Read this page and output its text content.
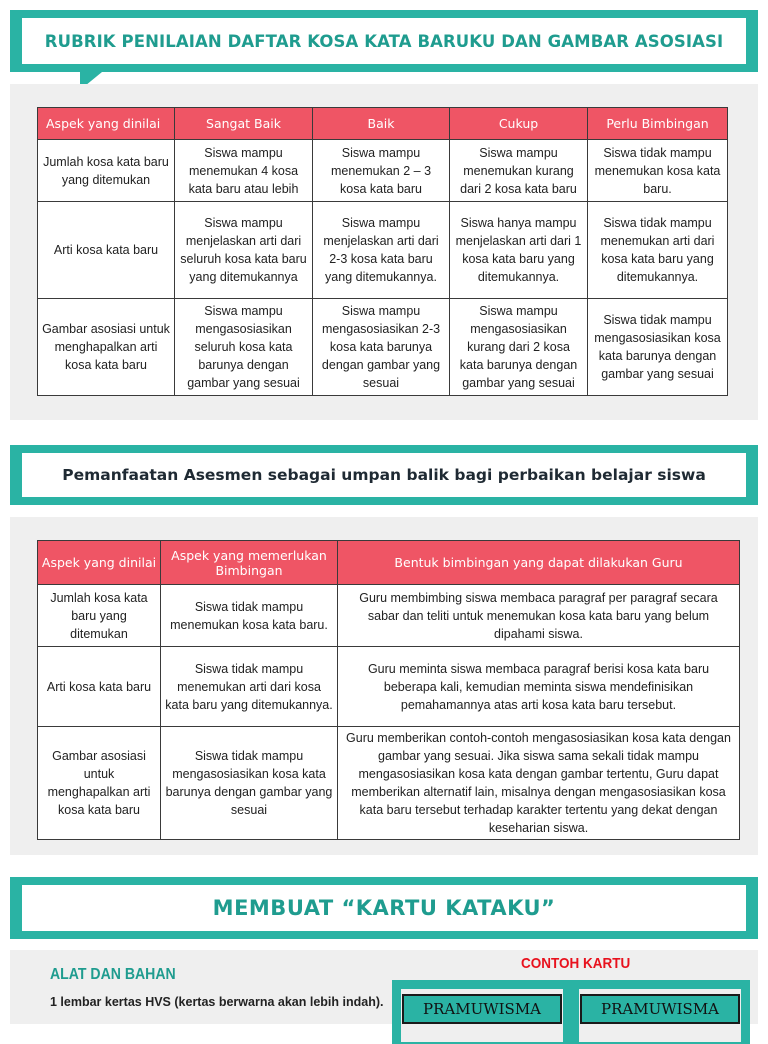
RUBRIK PENILAIAN DAFTAR KOSA KATA BARUKU DAN GAMBAR ASOSIASI
Aspek yang dinilai	Sangat Baik	Baik	Cukup	Perlu Bimbingan
Jumlah kosa kata baru yang ditemukan	Siswa mampu menemukan 4 kosa kata baru atau lebih	Siswa mampu menemukan 2 – 3 kosa kata baru	Siswa mampu menemukan kurang dari 2 kosa kata baru	Siswa tidak mampu menemukan kosa kata baru.
Arti kosa kata baru	Siswa mampu menjelaskan arti dari seluruh kosa kata baru yang ditemukannya	Siswa mampu menjelaskan arti dari 2-3 kosa kata baru yang ditemukannya.	Siswa hanya mampu menjelaskan arti dari 1 kosa kata baru yang ditemukannya.	Siswa tidak mampu menemukan arti dari kosa kata baru yang ditemukannya.
Gambar asosiasi untuk menghapalkan arti kosa kata baru	Siswa mampu mengasosiasikan seluruh kosa kata barunya dengan gambar yang sesuai	Siswa mampu mengasosiasikan 2-3 kosa kata barunya dengan gambar yang sesuai	Siswa mampu mengasosiasikan kurang dari 2 kosa kata barunya dengan gambar yang sesuai	Siswa tidak mampu mengasosiasikan kosa kata barunya dengan gambar yang sesuai
Pemanfaatan Asesmen sebagai umpan balik bagi perbaikan belajar siswa
Aspek yang dinilai	Aspek yang memerlukan Bimbingan	Bentuk bimbingan yang dapat dilakukan Guru
Jumlah kosa kata baru yang ditemukan	Siswa tidak mampu menemukan kosa kata baru.	Guru membimbing siswa membaca paragraf per paragraf secara sabar dan teliti untuk menemukan kosa kata baru yang belum dipahami siswa.
Arti kosa kata baru	Siswa tidak mampu menemukan arti dari kosa kata baru yang ditemukannya.	Guru meminta siswa membaca paragraf berisi kosa kata baru beberapa kali, kemudian meminta siswa mendefinisikan pemahamannya atas arti kosa kata baru tersebut.
Gambar asosiasi untuk menghapalkan arti kosa kata baru	Siswa tidak mampu mengasosiasikan kosa kata barunya dengan gambar yang sesuai	Guru memberikan contoh-contoh mengasosiasikan kosa kata dengan gambar yang sesuai. Jika siswa sama sekali tidak mampu mengasosiasikan kosa kata dengan gambar tertentu, Guru dapat memberikan alternatif lain, misalnya dengan mengasosiasikan kosa kata baru tersebut terhadap karakter tertentu yang dekat dengan keseharian siswa.
MEMBUAT “KARTU KATAKU”
ALAT DAN BAHAN
1 lembar kertas HVS (kertas berwarna akan lebih indah).
CONTOH KARTU
PRAMUWISMA	PRAMUWISMA
